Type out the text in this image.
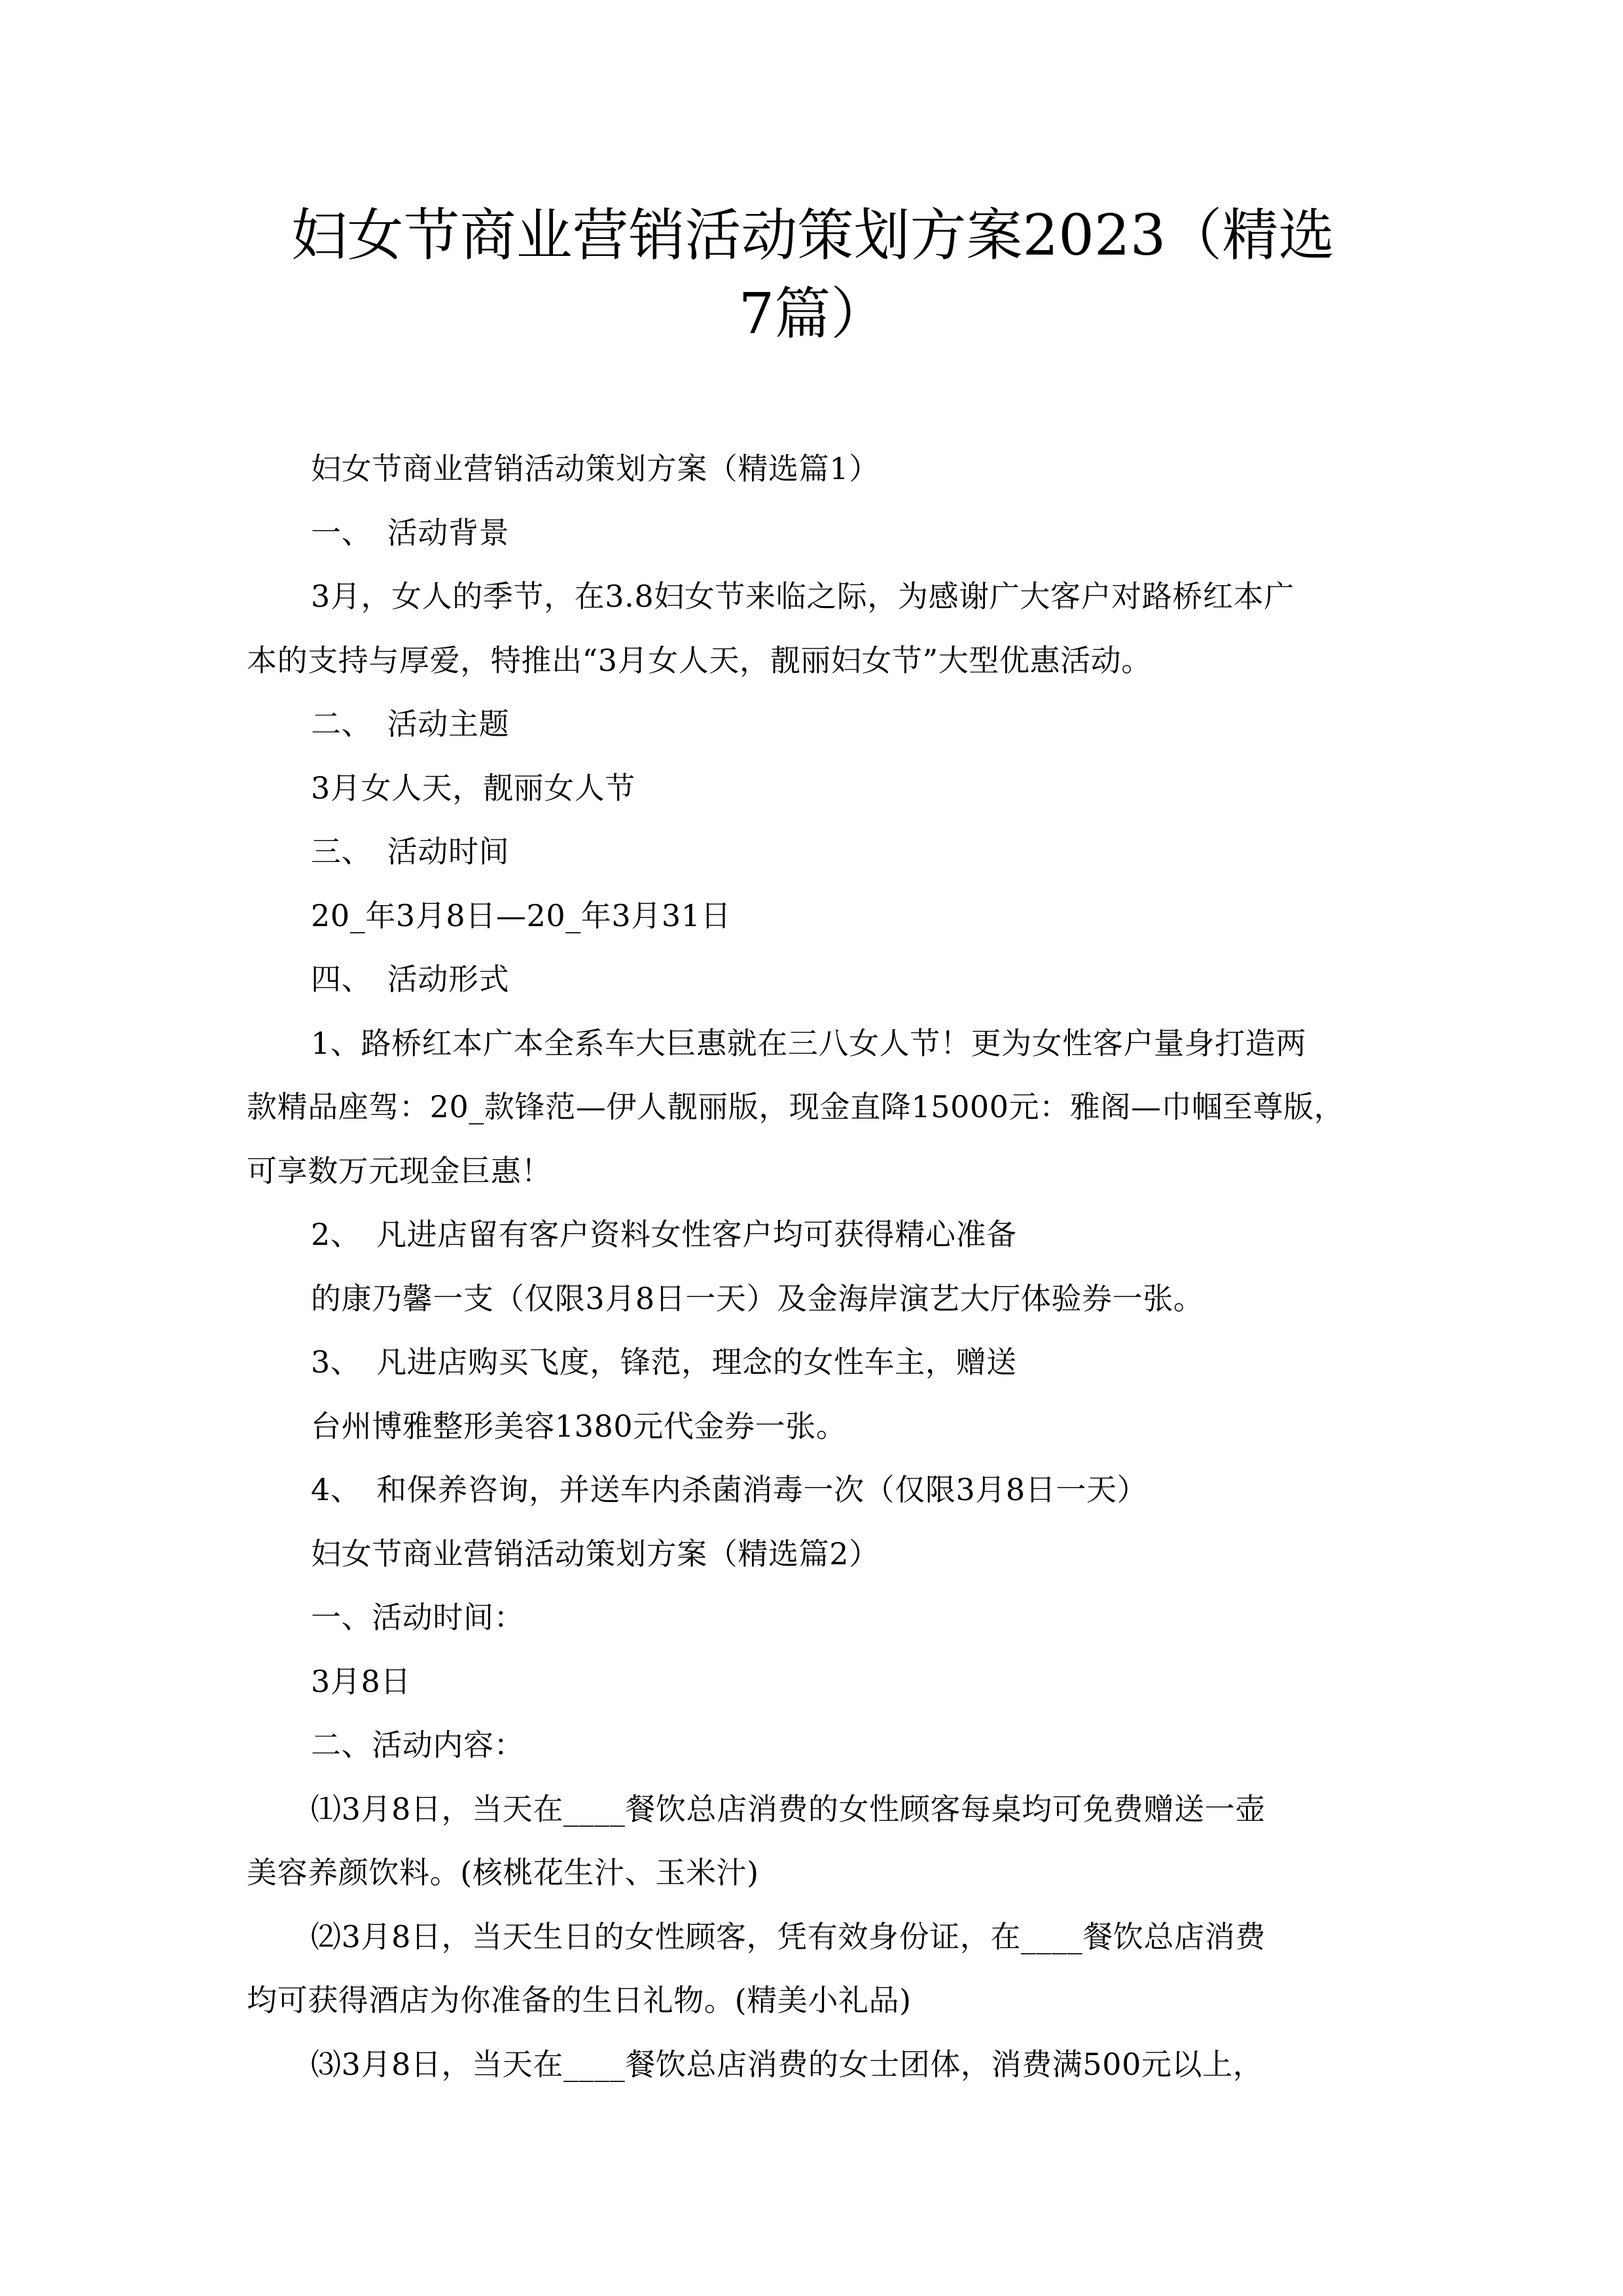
妇女节商业营销活动策划方案2023（精选
7篇）

妇女节商业营销活动策划方案（精选篇1）

一、　活动背景

3月，女人的季节，在3.8妇女节来临之际，为感谢广大客户对路桥红本广

本的支持与厚爱，特推出“3月女人天，靓丽妇女节”大型优惠活动。

二、　活动主题

3月女人天，靓丽女人节

三、　活动时间

20_年3月8日—20_年3月31日

四、　活动形式

1、路桥红本广本全系车大巨惠就在三八女人节！更为女性客户量身打造两

款精品座驾：20_款锋范—伊人靓丽版，现金直降15000元：雅阁—巾帼至尊版，

可享数万元现金巨惠！

2、　凡进店留有客户资料女性客户均可获得精心准备

的康乃馨一支（仅限3月8日一天）及金海岸演艺大厅体验券一张。

3、　凡进店购买飞度，锋范，理念的女性车主，赠送

台州博雅整形美容1380元代金券一张。

4、　和保养咨询，并送车内杀菌消毒一次（仅限3月8日一天）

妇女节商业营销活动策划方案（精选篇2）

一、活动时间：

3月8日

二、活动内容：

⑴3月8日，当天在____餐饮总店消费的女性顾客每桌均可免费赠送一壶

美容养颜饮料。(核桃花生汁、玉米汁)

⑵3月8日，当天生日的女性顾客，凭有效身份证，在____餐饮总店消费

均可获得酒店为你准备的生日礼物。(精美小礼品)

⑶3月8日，当天在____餐饮总店消费的女士团体，消费满500元以上，
